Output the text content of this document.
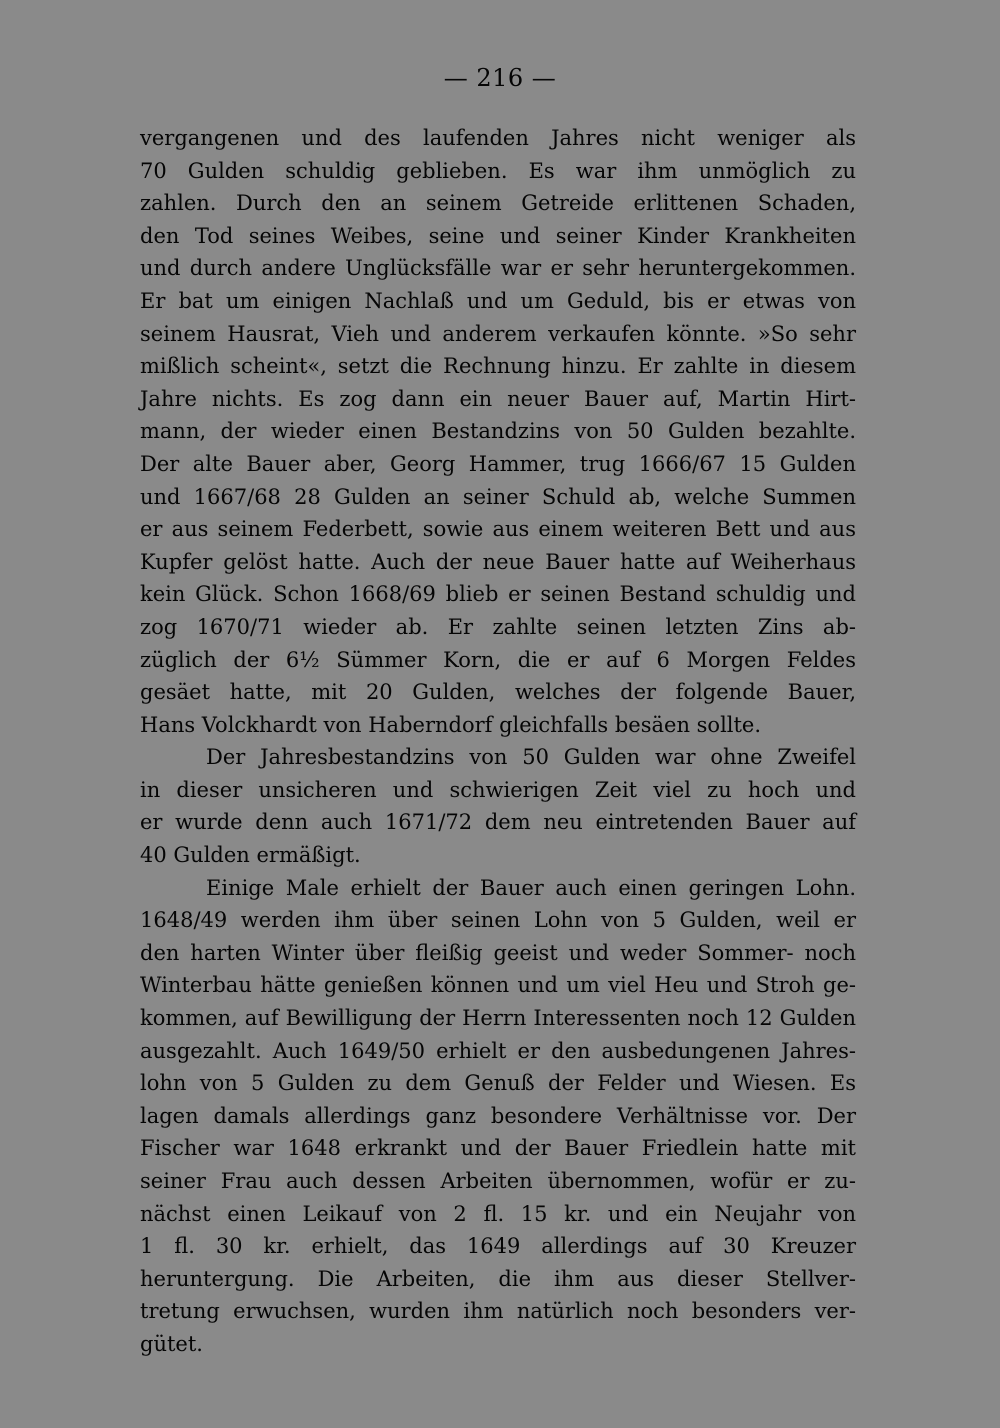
— 216 —
vergangenen und des laufenden Jahres nicht weniger als
70 Gulden schuldig geblieben. Es war ihm unmöglich zu
zahlen. Durch den an seinem Getreide erlittenen Schaden,
den Tod seines Weibes, seine und seiner Kinder Krankheiten
und durch andere Unglücksfälle war er sehr heruntergekommen.
Er bat um einigen Nachlaß und um Geduld, bis er etwas von
seinem Hausrat, Vieh und anderem verkaufen könnte. »So sehr
mißlich scheint«, setzt die Rechnung hinzu. Er zahlte in diesem
Jahre nichts. Es zog dann ein neuer Bauer auf, Martin Hirt-
mann, der wieder einen Bestandzins von 50 Gulden bezahlte.
Der alte Bauer aber, Georg Hammer, trug 1666/67 15 Gulden
und 1667/68 28 Gulden an seiner Schuld ab, welche Summen
er aus seinem Federbett, sowie aus einem weiteren Bett und aus
Kupfer gelöst hatte. Auch der neue Bauer hatte auf Weiherhaus
kein Glück. Schon 1668/69 blieb er seinen Bestand schuldig und
zog 1670/71 wieder ab. Er zahlte seinen letzten Zins ab-
züglich der 6½ Sümmer Korn, die er auf 6 Morgen Feldes
gesäet hatte, mit 20 Gulden, welches der folgende Bauer,
Hans Volckhardt von Haberndorf gleichfalls besäen sollte.
Der Jahresbestandzins von 50 Gulden war ohne Zweifel
in dieser unsicheren und schwierigen Zeit viel zu hoch und
er wurde denn auch 1671/72 dem neu eintretenden Bauer auf
40 Gulden ermäßigt.
Einige Male erhielt der Bauer auch einen geringen Lohn.
1648/49 werden ihm über seinen Lohn von 5 Gulden, weil er
den harten Winter über fleißig geeist und weder Sommer- noch
Winterbau hätte genießen können und um viel Heu und Stroh ge-
kommen, auf Bewilligung der Herrn Interessenten noch 12 Gulden
ausgezahlt. Auch 1649/50 erhielt er den ausbedungenen Jahres-
lohn von 5 Gulden zu dem Genuß der Felder und Wiesen. Es
lagen damals allerdings ganz besondere Verhältnisse vor. Der
Fischer war 1648 erkrankt und der Bauer Friedlein hatte mit
seiner Frau auch dessen Arbeiten übernommen, wofür er zu-
nächst einen Leikauf von 2 fl. 15 kr. und ein Neujahr von
1 fl. 30 kr. erhielt, das 1649 allerdings auf 30 Kreuzer
heruntergung. Die Arbeiten, die ihm aus dieser Stellver-
tretung erwuchsen, wurden ihm natürlich noch besonders ver-
gütet.
